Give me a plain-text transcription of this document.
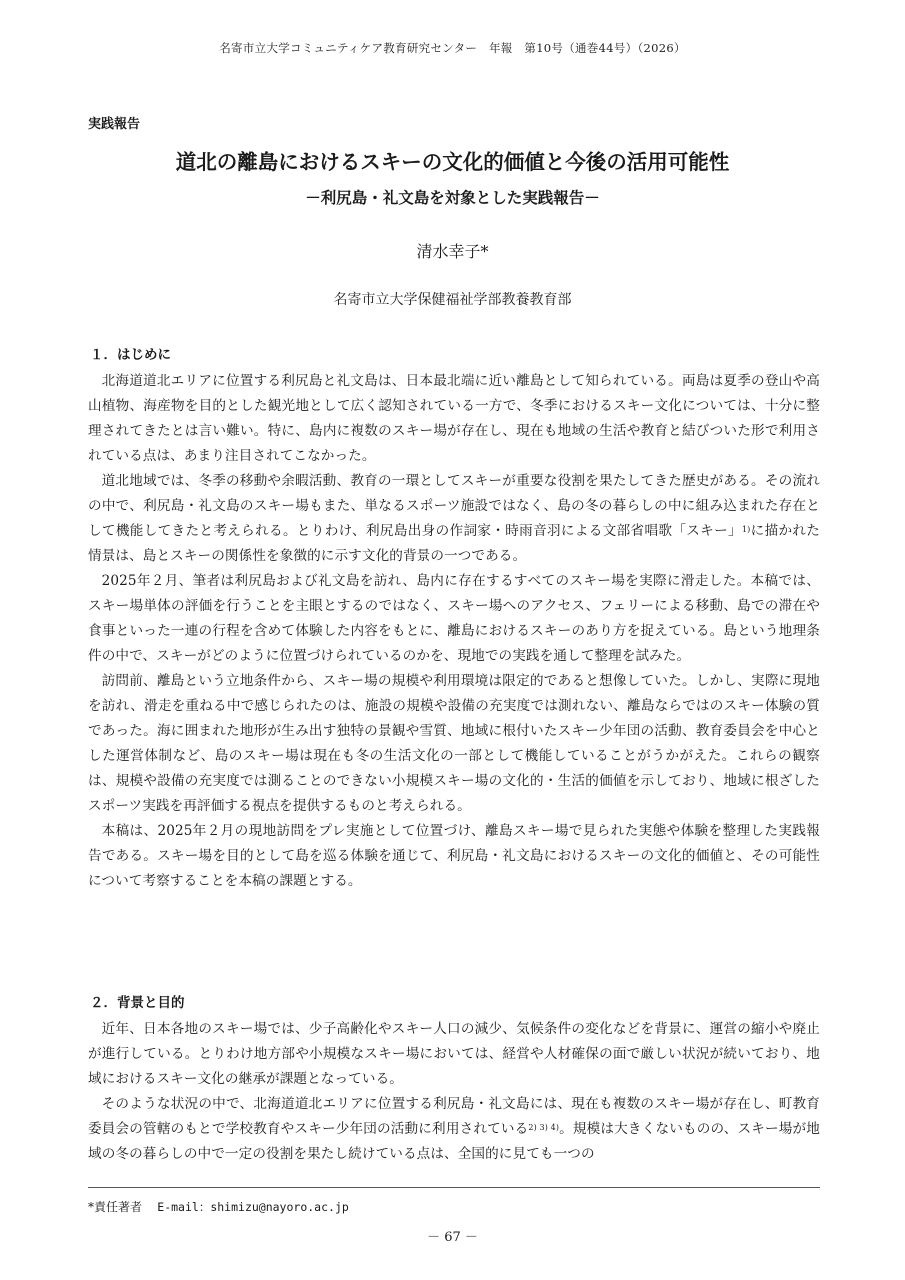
名寄市立大学コミュニティケア教育研究センター　年報　第10号（通巻44号）（2026）
実践報告
道北の離島におけるスキーの文化的価値と今後の活用可能性
－利尻島・礼文島を対象とした実践報告－
清水幸子*
名寄市立大学保健福祉学部教養教育部
１．はじめに

北海道道北エリアに位置する利尻島と礼文島は、日本最北端に近い離島として知られている。両島は夏季の登山や高山植物、海産物を目的とした観光地として広く認知されている一方で、冬季におけるスキー文化については、十分に整理されてきたとは言い難い。特に、島内に複数のスキー場が存在し、現在も地域の生活や教育と結びついた形で利用されている点は、あまり注目されてこなかった。

道北地域では、冬季の移動や余暇活動、教育の一環としてスキーが重要な役割を果たしてきた歴史がある。その流れの中で、利尻島・礼文島のスキー場もまた、単なるスポーツ施設ではなく、島の冬の暮らしの中に組み込まれた存在として機能してきたと考えられる。とりわけ、利尻島出身の作詞家・時雨音羽による文部省唱歌「スキー」$^{1)}$に描かれた情景は、島とスキーの関係性を象徴的に示す文化的背景の一つである。

2025年２月、筆者は利尻島および礼文島を訪れ、島内に存在するすべてのスキー場を実際に滑走した。本稿では、スキー場単体の評価を行うことを主眼とするのではなく、スキー場へのアクセス、フェリーによる移動、島での滞在や食事といった一連の行程を含めて体験した内容をもとに、離島におけるスキーのあり方を捉えている。島という地理条件の中で、スキーがどのように位置づけられているのかを、現地での実践を通して整理を試みた。

訪問前、離島という立地条件から、スキー場の規模や利用環境は限定的であると想像していた。しかし、実際に現地を訪れ、滑走を重ねる中で感じられたのは、施設の規模や設備の充実度では測れない、離島ならではのスキー体験の質であった。海に囲まれた地形が生み出す独特の景観や雪質、地域に根付いたスキー少年団の活動、教育委員会を中心とした運営体制など、島のスキー場は現在も冬の生活文化の一部として機能していることがうかがえた。これらの観察は、規模や設備の充実度では測ることのできない小規模スキー場の文化的・生活的価値を示しており、地域に根ざしたスポーツ実践を再評価する視点を提供するものと考えられる。

本稿は、2025年２月の現地訪問をプレ実施として位置づけ、離島スキー場で見られた実態や体験を整理した実践報告である。スキー場を目的として島を巡る体験を通じて、利尻島・礼文島におけるスキーの文化的価値と、その可能性について考察することを本稿の課題とする。

２．背景と目的

近年、日本各地のスキー場では、少子高齢化やスキー人口の減少、気候条件の変化などを背景に、運営の縮小や廃止が進行している。とりわけ地方部や小規模なスキー場においては、経営や人材確保の面で厳しい状況が続いており、地域におけるスキー文化の継承が課題となっている。

そのような状況の中で、北海道道北エリアに位置する利尻島・礼文島には、現在も複数のスキー場が存在し、町教育委員会の管轄のもとで学校教育やスキー少年団の活動に利用されている$^{2) 3) 4)}$。規模は大きくないものの、スキー場が地域の冬の暮らしの中で一定の役割を果たし続けている点は、全国的に見ても一つの

*責任著者 E-mail：shimizu@nayoro.ac.jp
－ 67 －
